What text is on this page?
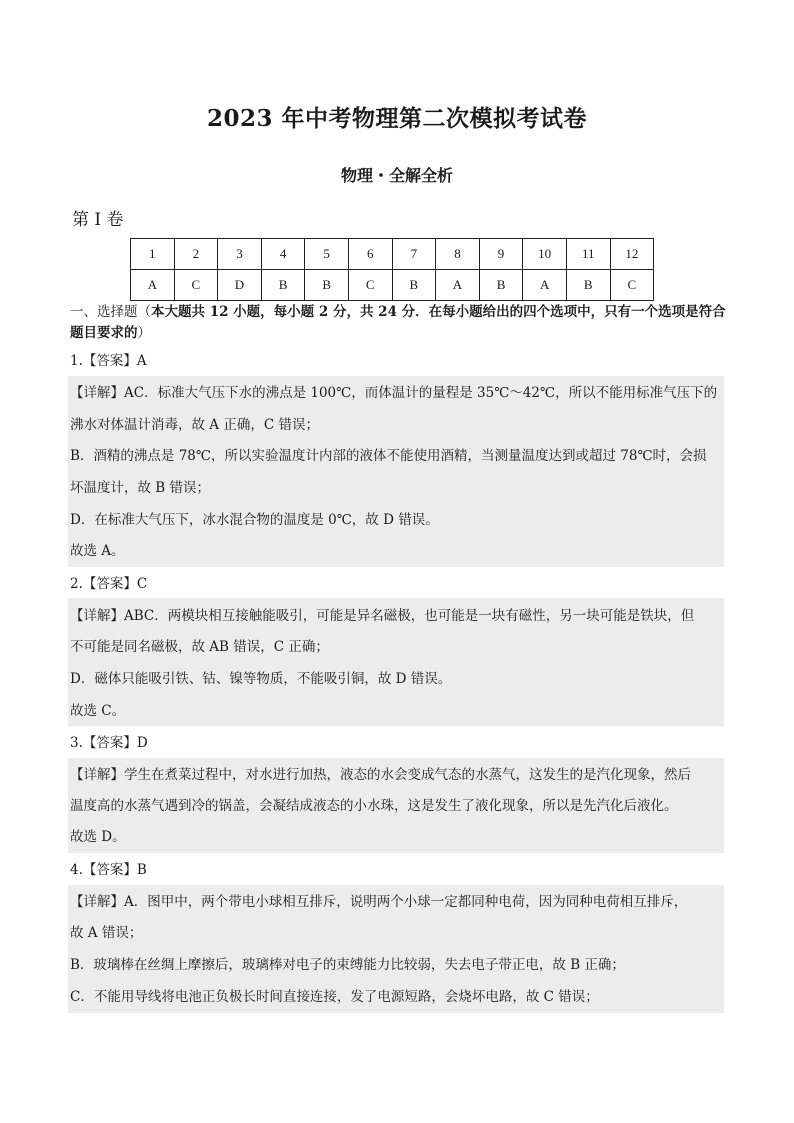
2023 年中考物理第二次模拟考试卷
物理・全解全析
第 I 卷
1	2	3	4	5	6	7	8	9	10	11	12
A	C	D	B	B	C	B	A	B	A	B	C
一、选择题（本大题共 12 小题，每小题 2 分，共 24 分．在每小题给出的四个选项中，只有一个选项是符合题目要求的）
1.【答案】A
【详解】AC．标准大气压下水的沸点是 100℃，而体温计的量程是 35℃～42℃，所以不能用标准气压下的
沸水对体温计消毒，故 A 正确，C 错误；
B．酒精的沸点是 78℃，所以实验温度计内部的液体不能使用酒精，当测量温度达到或超过 78℃时，会损
坏温度计，故 B 错误；
D．在标准大气压下，冰水混合物的温度是 0℃，故 D 错误。
故选 A。
2.【答案】C
【详解】ABC．两模块相互接触能吸引，可能是异名磁极，也可能是一块有磁性，另一块可能是铁块，但
不可能是同名磁极，故 AB 错误，C 正确；
D．磁体只能吸引铁、钴、镍等物质，不能吸引铜，故 D 错误。
故选 C。
3.【答案】D
【详解】学生在煮菜过程中，对水进行加热，液态的水会变成气态的水蒸气，这发生的是汽化现象，然后
温度高的水蒸气遇到冷的锅盖，会凝结成液态的小水珠，这是发生了液化现象，所以是先汽化后液化。
故选 D。
4.【答案】B
【详解】A．图甲中，两个带电小球相互排斥，说明两个小球一定都同种电荷，因为同种电荷相互排斥，
故 A 错误；
B．玻璃棒在丝绸上摩擦后，玻璃棒对电子的束缚能力比较弱，失去电子带正电，故 B 正确；
C．不能用导线将电池正负极长时间直接连接，发了电源短路，会烧坏电路，故 C 错误；
